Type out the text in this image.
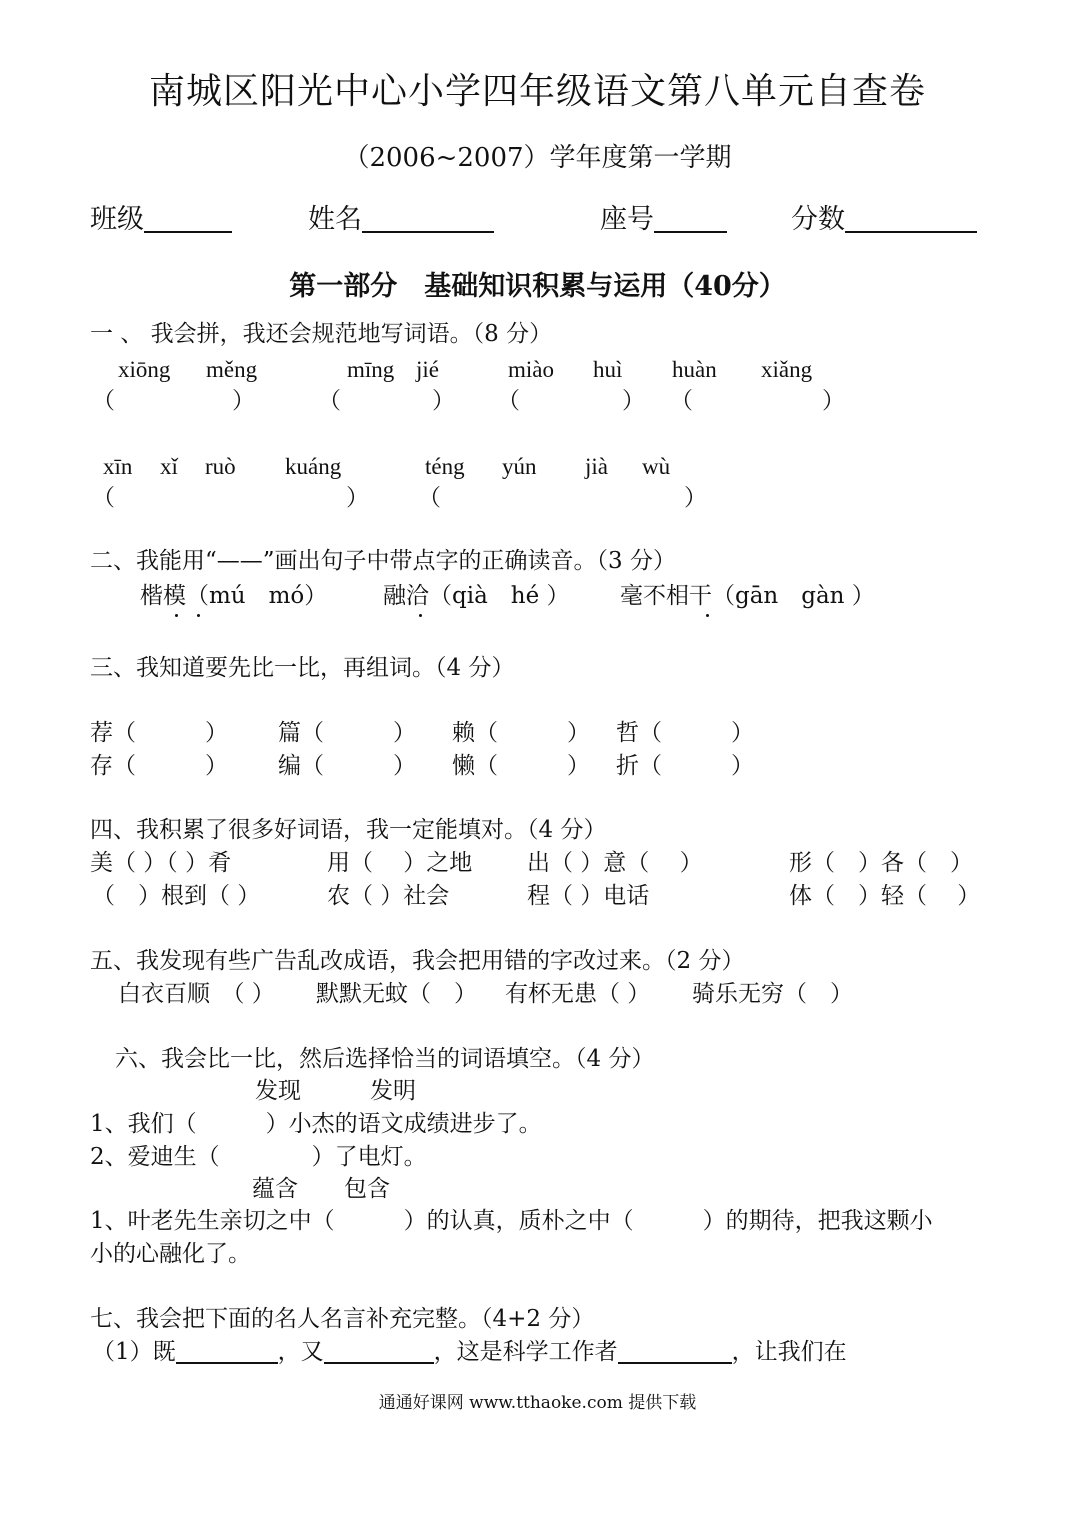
南城区阳光中心小学四年级语文第八单元自查卷
（2006~2007）学年度第一学期
班级	姓名	座号	分数
第一部分　基础知识积累与运用（40分）
一 、 我会拼，我还会规范地写词语。（8 分）
xiōng měng	mīng jié	miào huì huàn xiǎng
（	）	（	） （	） （	）
xīn xǐ ruò kuáng	téng yún jià wù
（	） （	）
二、我能用“——”画出句子中带点字的正确读音。（3 分）
楷模（mú　mó） 融洽（qià　hé ） 毫不相干（gān　gàn ）
三、我知道要先比一比，再组词。（4 分）
荐（　　　） 篇（　　　） 赖（　　　） 哲（　　　）
存（　　　） 编（　　　） 懒（　　　） 折（　　　）
四、我积累了很多好词语，我一定能填对。（4 分）
美（ ）（ ）肴	用（　 ）之地 出（ ）意（　 ）	形（　）各（　）
（　）根到（ ）	农（ ）社会	程（ ）电话	体（　）轻（　 ）
五、我发现有些广告乱改成语，我会把用错的字改过来。（2 分）
白衣百顺　（ ） 默默无蚊（　） 有杯无患（ ） 骑乐无穷（　）
六、我会比一比，然后选择恰当的词语填空。（4 分）
发现　　　发明
1、我们（　　　）小杰的语文成绩进步了。
2、爱迪生（　　　　）了电灯。
蕴含　　包含
1、叶老先生亲切之中（　　　）的认真，质朴之中（　　　）的期待，把我这颗小
小的心融化了。
七、我会把下面的名人名言补充完整。（4+2 分）
（1）既	，又	，这是科学工作者	，让我们在
通通好课网 www.tthaoke.com 提供下载
